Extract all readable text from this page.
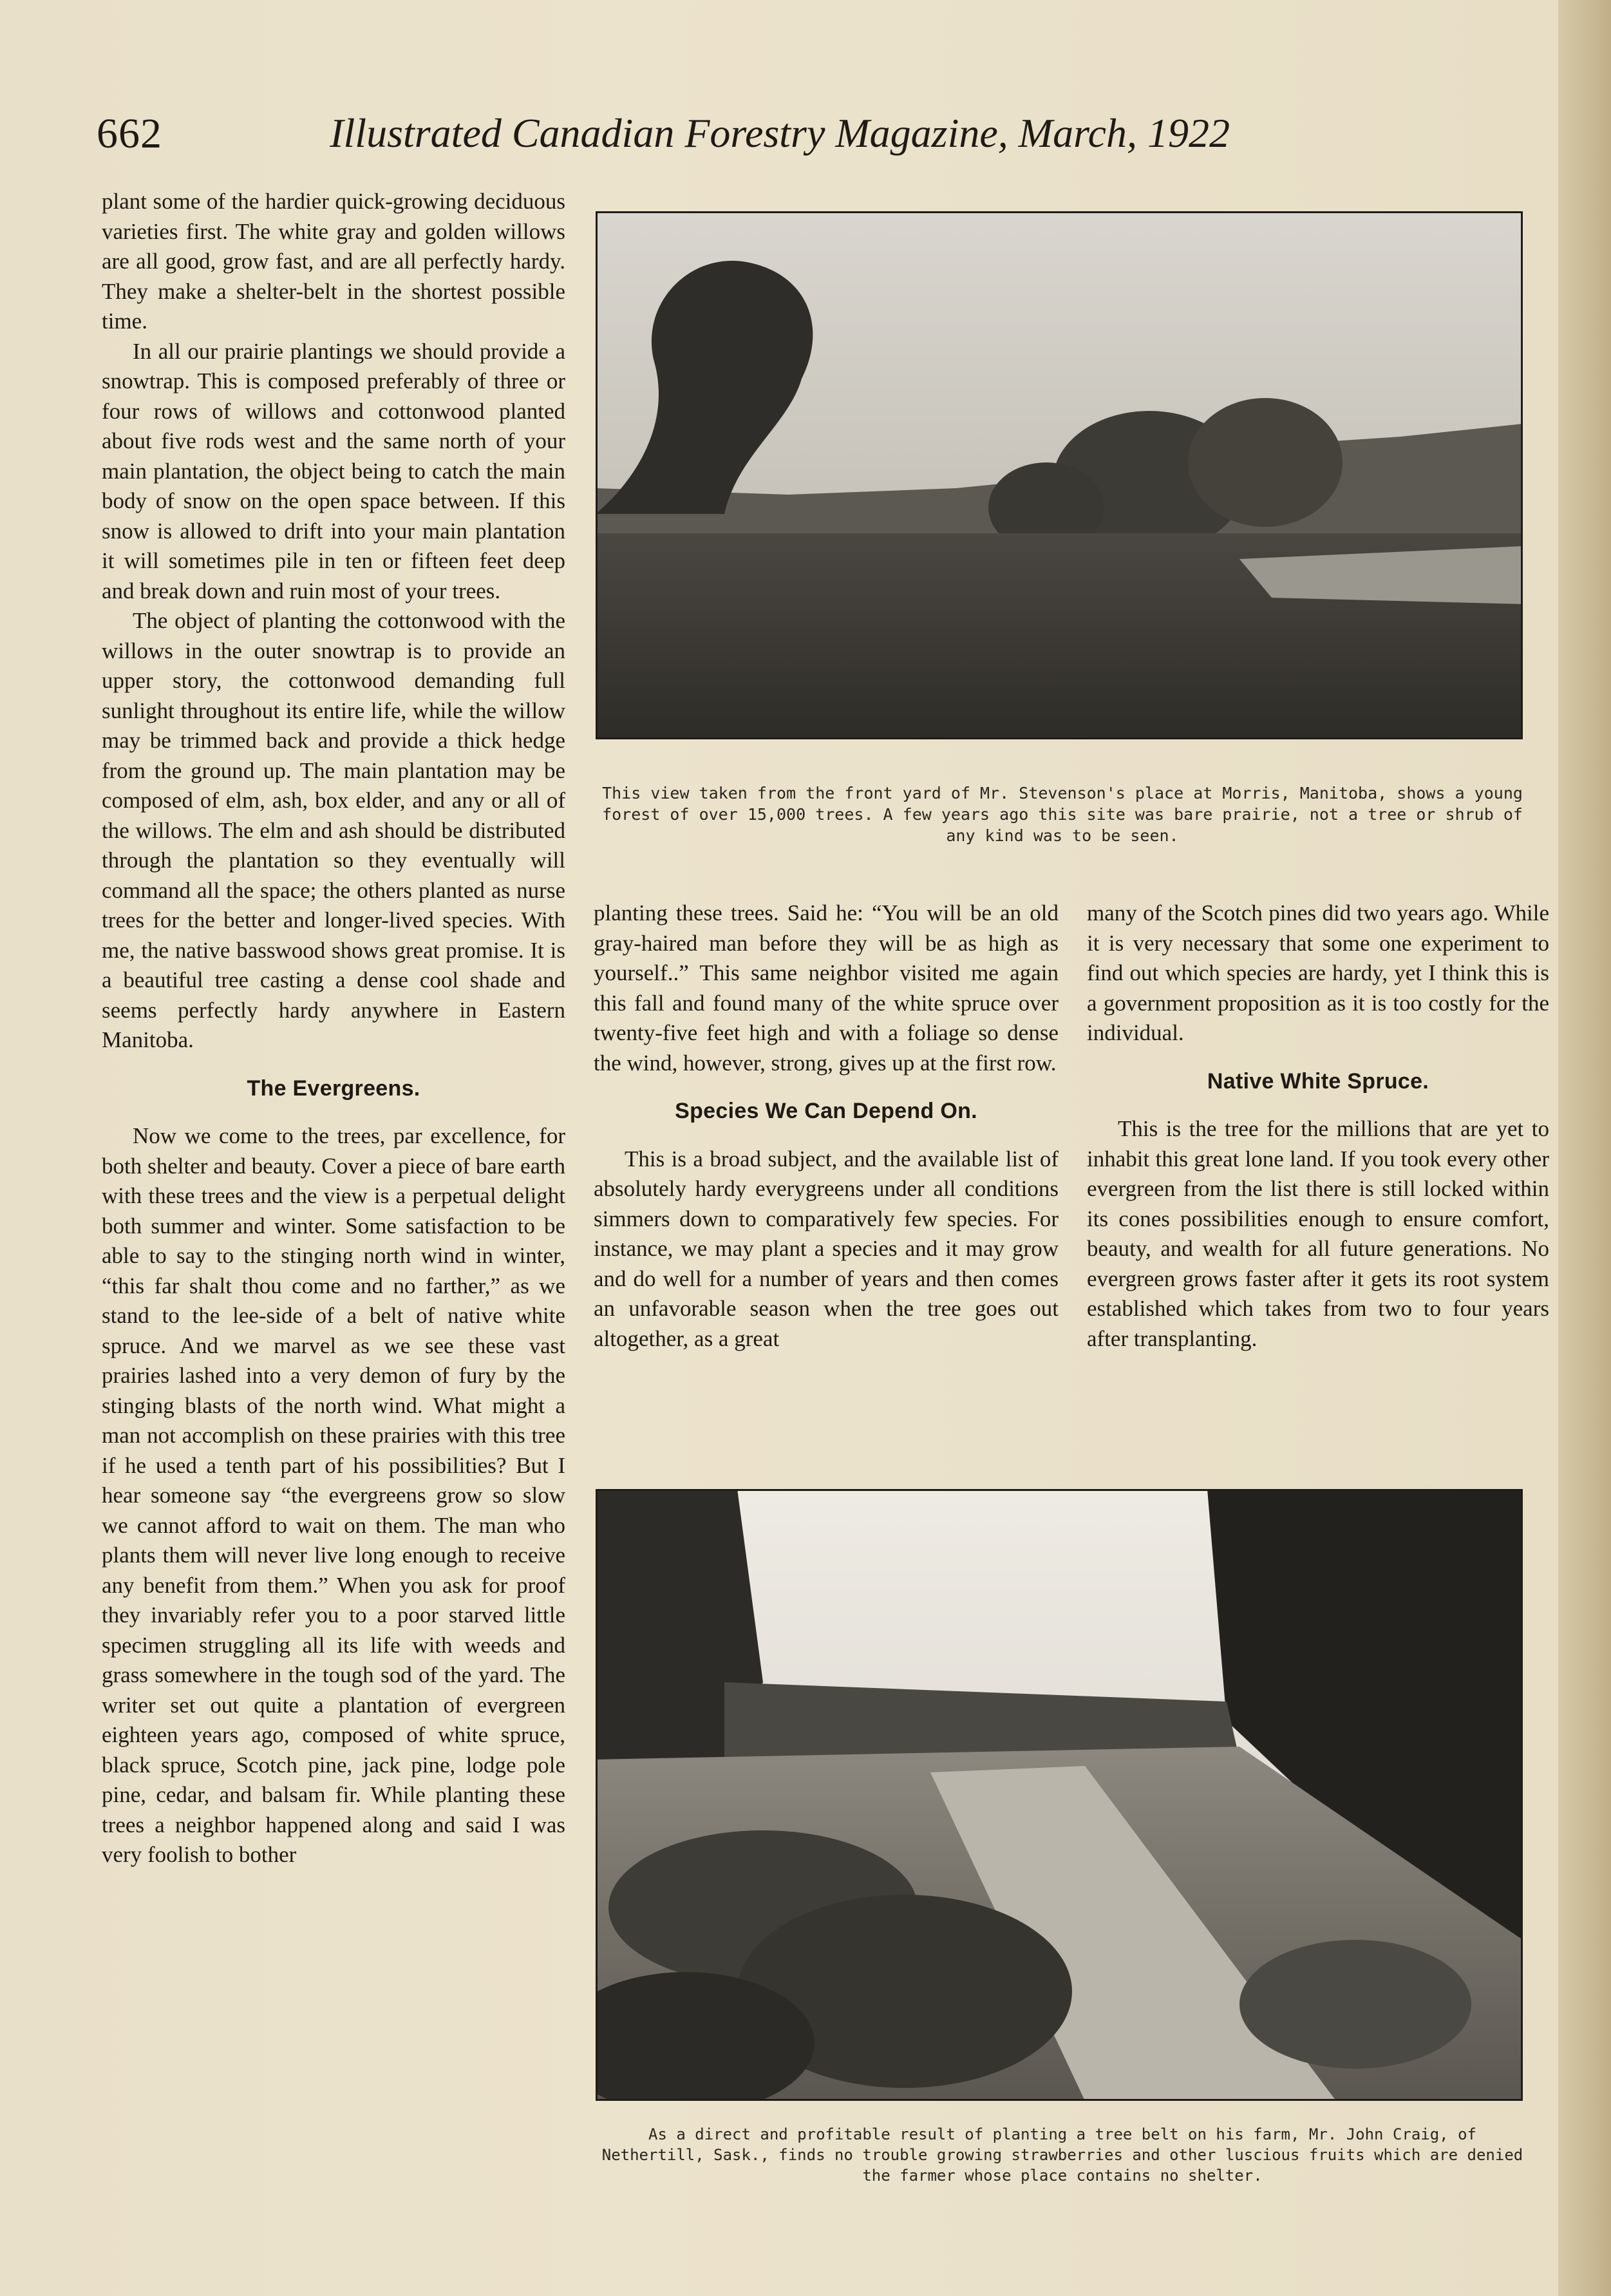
662	Illustrated Canadian Forestry Magazine, March, 1922

plant some of the hardier quick-growing deciduous varieties first. The white gray and golden willows are all good, grow fast, and are all perfectly hardy. They make a shelter-belt in the shortest possible time.

In all our prairie plantings we should provide a snowtrap. This is composed preferably of three or four rows of willows and cottonwood planted about five rods west and the same north of your main plantation, the object being to catch the main body of snow on the open space between. If this snow is allowed to drift into your main plantation it will sometimes pile in ten or fifteen feet deep and break down and ruin most of your trees.

The object of planting the cottonwood with the willows in the outer snowtrap is to provide an upper story, the cottonwood demanding full sunlight throughout its entire life, while the willow may be trimmed back and provide a thick hedge from the ground up. The main plantation may be composed of elm, ash, box elder, and any or all of the willows. The elm and ash should be distributed through the plantation so they eventually will command all the space; the others planted as nurse trees for the better and longer-lived species. With me, the native basswood shows great promise. It is a beautiful tree casting a dense cool shade and seems perfectly hardy anywhere in Eastern Manitoba.

The Evergreens.

Now we come to the trees, par excellence, for both shelter and beauty. Cover a piece of bare earth with these trees and the view is a perpetual delight both summer and winter. Some satisfaction to be able to say to the stinging north wind in winter, “this far shalt thou come and no farther,” as we stand to the lee-side of a belt of native white spruce. And we marvel as we see these vast prairies lashed into a very demon of fury by the stinging blasts of the north wind. What might a man not accomplish on these prairies with this tree if he used a tenth part of his possibilities? But I hear someone say “the evergreens grow so slow we cannot afford to wait on them. The man who plants them will never live long enough to receive any benefit from them.” When you ask for proof they invariably refer you to a poor starved little specimen struggling all its life with weeds and grass somewhere in the tough sod of the yard. The writer set out quite a plantation of evergreen eighteen years ago, composed of white spruce, black spruce, Scotch pine, jack pine, lodge pole pine, cedar, and balsam fir. While planting these trees a neighbor happened along and said I was very foolish to bother

This view taken from the front yard of Mr. Stevenson's place at Morris, Manitoba, shows a young forest of over 15,000 trees. A few years ago this site was bare prairie, not a tree or shrub of any kind was to be seen.

planting these trees. Said he: “You will be an old gray-haired man before they will be as high as yourself..” This same neighbor visited me again this fall and found many of the white spruce over twenty-five feet high and with a foliage so dense the wind, however, strong, gives up at the first row.

Species We Can Depend On.

This is a broad subject, and the available list of absolutely hardy everygreens under all conditions simmers down to comparatively few species. For instance, we may plant a species and it may grow and do well for a number of years and then comes an unfavorable season when the tree goes out altogether, as a great

many of the Scotch pines did two years ago. While it is very necessary that some one experiment to find out which species are hardy, yet I think this is a government proposition as it is too costly for the individual.

Native White Spruce.

This is the tree for the millions that are yet to inhabit this great lone land. If you took every other evergreen from the list there is still locked within its cones possibilities enough to ensure comfort, beauty, and wealth for all future generations. No evergreen grows faster after it gets its root system established which takes from two to four years after transplanting.

As a direct and profitable result of planting a tree belt on his farm, Mr. John Craig, of Nethertill, Sask., finds no trouble growing strawberries and other luscious fruits which are denied the farmer whose place contains no shelter.
